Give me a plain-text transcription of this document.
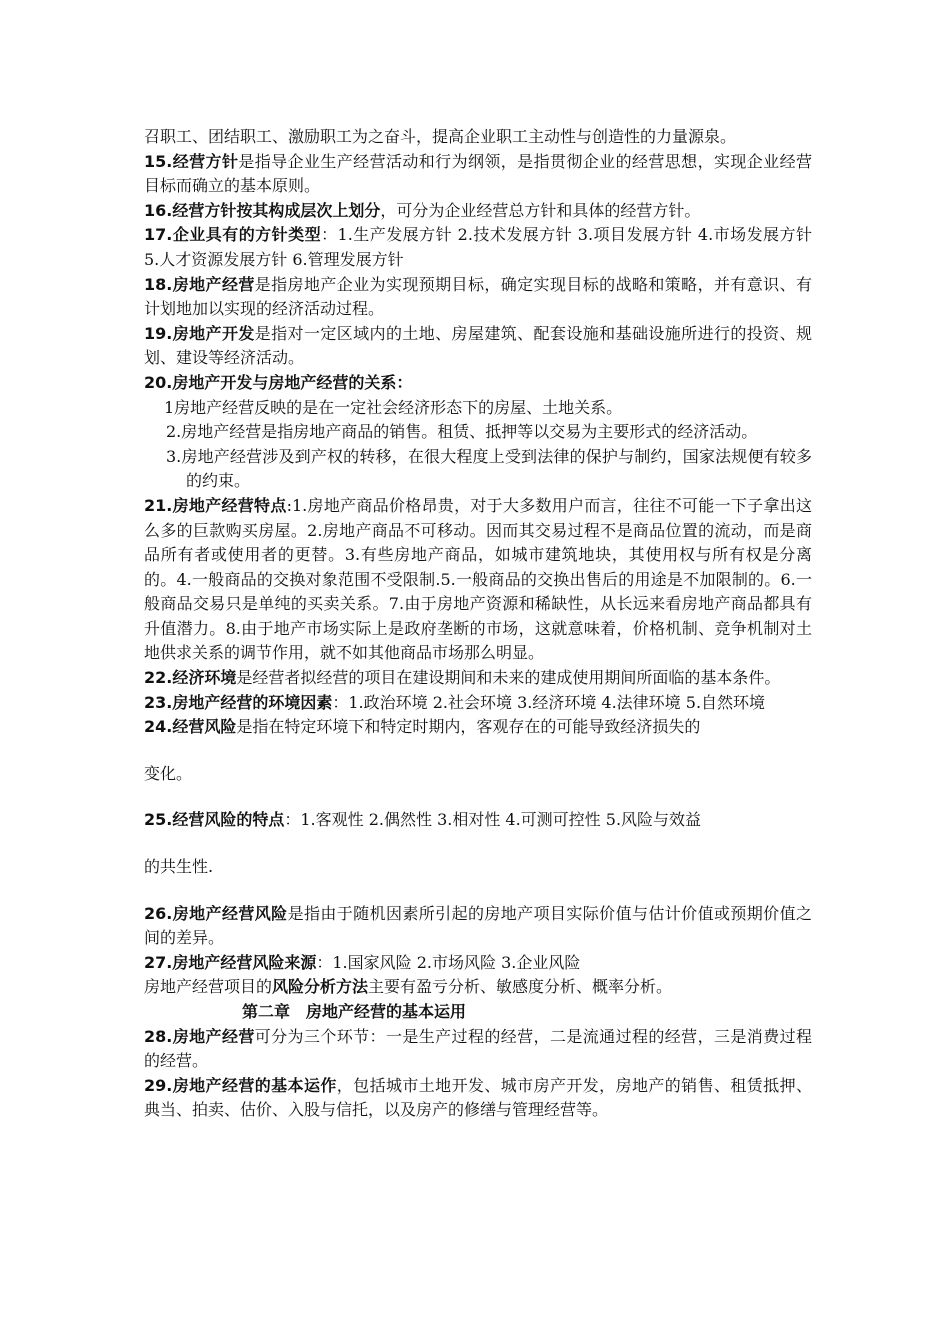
召职工、团结职工、激励职工为之奋斗，提高企业职工主动性与创造性的力量源泉。

15.经营方针是指导企业生产经营活动和行为纲领，是指贯彻企业的经营思想，实现企业经营目标而确立的基本原则。

16.经营方针按其构成层次上划分，可分为企业经营总方针和具体的经营方针。

17.企业具有的方针类型：1.生产发展方针 2.技术发展方针 3.项目发展方针 4.市场发展方针 5.人才资源发展方针 6.管理发展方针

18.房地产经营是指房地产企业为实现预期目标，确定实现目标的战略和策略，并有意识、有计划地加以实现的经济活动过程。

19.房地产开发是指对一定区域内的土地、房屋建筑、配套设施和基础设施所进行的投资、规划、建设等经济活动。

20.房地产开发与房地产经营的关系：

1房地产经营反映的是在一定社会经济形态下的房屋、土地关系。

2.房地产经营是指房地产商品的销售。租赁、抵押等以交易为主要形式的经济活动。

3.房地产经营涉及到产权的转移，在很大程度上受到法律的保护与制约，国家法规便有较多的约束。

21.房地产经营特点:1.房地产商品价格昂贵，对于大多数用户而言，往往不可能一下子拿出这么多的巨款购买房屋。2.房地产商品不可移动。因而其交易过程不是商品位置的流动，而是商品所有者或使用者的更替。3.有些房地产商品，如城市建筑地块，其使用权与所有权是分离的。4.一般商品的交换对象范围不受限制.5.一般商品的交换出售后的用途是不加限制的。6.一般商品交易只是单纯的买卖关系。7.由于房地产资源和稀缺性，从长远来看房地产商品都具有升值潜力。8.由于地产市场实际上是政府垄断的市场，这就意味着，价格机制、竞争机制对土地供求关系的调节作用，就不如其他商品市场那么明显。

22.经济环境是经营者拟经营的项目在建设期间和未来的建成使用期间所面临的基本条件。

23.房地产经营的环境因素：1.政治环境 2.社会环境 3.经济环境 4.法律环境 5.自然环境

24.经营风险是指在特定环境下和特定时期内，客观存在的可能导致经济损失的

变化。

25.经营风险的特点：1.客观性 2.偶然性 3.相对性 4.可测可控性 5.风险与效益

的共生性.

26.房地产经营风险是指由于随机因素所引起的房地产项目实际价值与估计价值或预期价值之间的差异。

27.房地产经营风险来源：1.国家风险 2.市场风险 3.企业风险

房地产经营项目的风险分析方法主要有盈亏分析、敏感度分析、概率分析。

第二章　房地产经营的基本运用

28.房地产经营可分为三个环节：一是生产过程的经营，二是流通过程的经营，三是消费过程的经营。

29.房地产经营的基本运作，包括城市土地开发、城市房产开发，房地产的销售、租赁抵押、典当、拍卖、估价、入股与信托，以及房产的修缮与管理经营等。
